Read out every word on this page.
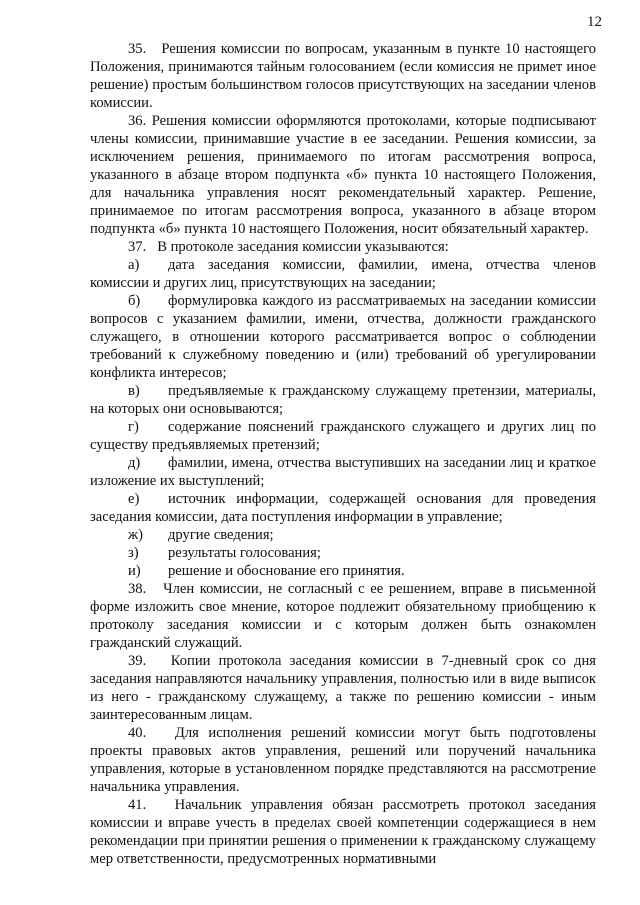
12

35.   Решения комиссии по вопросам, указанным в пункте 10 настоящего Положения, принимаются тайным голосованием (если комиссия не примет иное решение) простым большинством голосов присутствующих на заседании членов комиссии.

36. Решения комиссии оформляются протоколами, которые подписывают члены комиссии, принимавшие участие в ее заседании. Решения комиссии, за исключением решения, принимаемого по итогам рассмотрения вопроса, указанного в абзаце втором подпункта «б» пункта 10 настоящего Положения, для начальника управления носят рекомендательный характер. Решение, принимаемое по итогам рассмотрения вопроса, указанного в абзаце втором подпункта «б» пункта 10 настоящего Положения, носит обязательный характер.

37.   В протоколе заседания комиссии указываются:

а) дата заседания комиссии, фамилии, имена, отчества членов комиссии и других лиц, присутствующих на заседании;

б) формулировка каждого из рассматриваемых на заседании комиссии вопросов с указанием фамилии, имени, отчества, должности гражданского служащего, в отношении которого рассматривается вопрос о соблюдении требований к служебному поведению и (или) требований об урегулировании конфликта интересов;

в) предъявляемые к гражданскому служащему претензии, материалы, на которых они основываются;

г) содержание пояснений гражданского служащего и других лиц по существу предъявляемых претензий;

д) фамилии, имена, отчества выступивших на заседании лиц и краткое изложение их выступлений;

е) источник информации, содержащей основания для проведения заседания комиссии, дата поступления информации в управление;

ж) другие сведения;

з) результаты голосования;

и) решение и обоснование его принятия.

38.   Член комиссии, не согласный с ее решением, вправе в письменной форме изложить свое мнение, которое подлежит обязательному приобщению к протоколу заседания комиссии и с которым должен быть ознакомлен гражданский служащий.

39.   Копии протокола заседания комиссии в 7-дневный срок со дня заседания направляются начальнику управления, полностью или в виде выписок из него - гражданскому служащему, а также по решению комиссии - иным заинтересованным лицам.

40.   Для исполнения решений комиссии могут быть подготовлены проекты правовых актов управления, решений или поручений начальника управления, которые в установленном порядке представляются на рассмотрение начальника управления.

41.   Начальник управления обязан рассмотреть протокол заседания комиссии и вправе учесть в пределах своей компетенции содержащиеся в нем рекомендации при принятии решения о применении к гражданскому служащему мер ответственности, предусмотренных нормативными
